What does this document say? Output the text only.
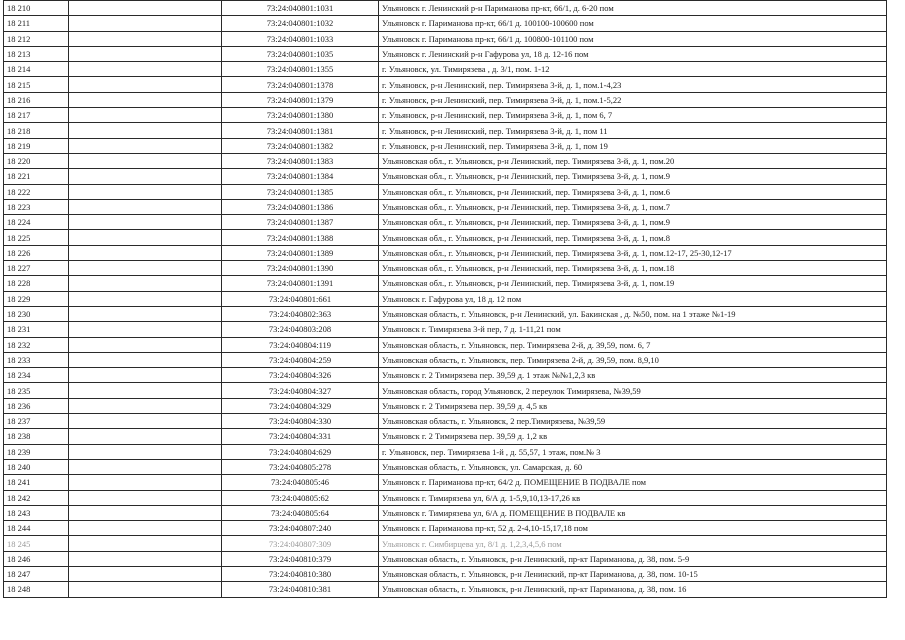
18 210		73:24:040801:1031	Ульяновск г. Ленинский р-н Париманова пр-кт, 66/1, д. 6-20 пом
18 211		73:24:040801:1032	Ульяновск г. Париманова пр-кт, 66/1 д. 100100-100600 пом
18 212		73:24:040801:1033	Ульяновск г. Париманова пр-кт, 66/1 д. 100800-101100 пом
18 213		73:24:040801:1035	Ульяновск г. Ленинский р-н Гафурова ул, 18 д. 12-16 пом
18 214		73:24:040801:1355	г. Ульяновск, ул. Тимирязева , д. 3/1, пом. 1-12
18 215		73:24:040801:1378	г. Ульяновск, р-н Ленинский, пер. Тимирязева 3-й, д. 1, пом.1-4,23
18 216		73:24:040801:1379	г. Ульяновск, р-н Ленинский, пер. Тимирязева 3-й, д. 1, пом.1-5,22
18 217		73:24:040801:1380	г. Ульяновск, р-н Ленинский, пер. Тимирязева 3-й, д. 1, пом 6, 7
18 218		73:24:040801:1381	г. Ульяновск, р-н Ленинский, пер. Тимирязева 3-й, д. 1, пом 11
18 219		73:24:040801:1382	г. Ульяновск, р-н Ленинский, пер. Тимирязева 3-й, д. 1, пом 19
18 220		73:24:040801:1383	Ульяновская обл., г. Ульяновск, р-н Ленинский, пер. Тимирязева 3-й, д. 1, пом.20
18 221		73:24:040801:1384	Ульяновская обл., г. Ульяновск, р-н Ленинский, пер. Тимирязева 3-й, д. 1, пом.9
18 222		73:24:040801:1385	Ульяновская обл., г. Ульяновск, р-н Ленинский, пер. Тимирязева 3-й, д. 1, пом.6
18 223		73:24:040801:1386	Ульяновская обл., г. Ульяновск, р-н Ленинский, пер. Тимирязева 3-й, д. 1, пом.7
18 224		73:24:040801:1387	Ульяновская обл., г. Ульяновск, р-н Ленинский, пер. Тимирязева 3-й, д. 1, пом.9
18 225		73:24:040801:1388	Ульяновская обл., г. Ульяновск, р-н Ленинский, пер. Тимирязева 3-й, д. 1, пом.8
18 226		73:24:040801:1389	Ульяновская обл., г. Ульяновск, р-н Ленинский, пер. Тимирязева 3-й, д. 1, пом.12-17, 25-30,12-17
18 227		73:24:040801:1390	Ульяновская обл., г. Ульяновск, р-н Ленинский, пер. Тимирязева 3-й, д. 1, пом.18
18 228		73:24:040801:1391	Ульяновская обл., г. Ульяновск, р-н Ленинский, пер. Тимирязева 3-й, д. 1, пом.19
18 229		73:24:040801:661	Ульяновск г. Гафурова ул, 18 д. 12 пом
18 230		73:24:040802:363	Ульяновская область, г. Ульяновск, р-н Ленинский, ул. Бакинская , д. №50, пом. на 1 этаже №1-19
18 231		73:24:040803:208	Ульяновск г. Тимирязева 3-й пер, 7 д. 1-11,21 пом
18 232		73:24:040804:119	Ульяновская область, г. Ульяновск, пер. Тимирязева 2-й, д. 39,59, пом. 6, 7
18 233		73:24:040804:259	Ульяновская область, г. Ульяновск, пер. Тимирязева 2-й, д. 39,59, пом. 8,9,10
18 234		73:24:040804:326	Ульяновск г. 2 Тимирязева пер. 39,59 д. 1 этаж №№1,2,3 кв
18 235		73:24:040804:327	Ульяновская область, город Ульяновск, 2 переулок Тимирязева, №39,59
18 236		73:24:040804:329	Ульяновск г. 2 Тимирязева пер. 39,59 д. 4,5 кв
18 237		73:24:040804:330	Ульяновская область, г. Ульяновск, 2 пер.Тимирязева, №39,59
18 238		73:24:040804:331	Ульяновск г. 2 Тимирязева пер. 39,59 д. 1,2 кв
18 239		73:24:040804:629	г. Ульяновск, пер. Тимирязева 1-й , д. 55,57, 1 этаж, пом.№ 3
18 240		73:24:040805:278	Ульяновская область, г. Ульяновск, ул. Самарская, д. 60
18 241		73:24:040805:46	Ульяновск г. Париманова пр-кт, 64/2 д. ПОМЕЩЕНИЕ В ПОДВАЛЕ пом
18 242		73:24:040805:62	Ульяновск г. Тимирязева ул, 6/А д. 1-5,9,10,13-17,26 кв
18 243		73:24:040805:64	Ульяновск г. Тимирязева ул, 6/А д. ПОМЕЩЕНИЕ В ПОДВАЛЕ кв
18 244		73:24:040807:240	Ульяновск г. Париманова пр-кт, 52 д. 2-4,10-15,17,18 пом
18 245		73:24:040807:309	Ульяновск г. Симбирцева ул, 8/1 д. 1,2,3,4,5,6 пом
18 246		73:24:040810:379	Ульяновская область, г. Ульяновск, р-н Ленинский, пр-кт Париманова, д. 38, пом. 5-9
18 247		73:24:040810:380	Ульяновская область, г. Ульяновск, р-н Ленинский, пр-кт Париманова, д. 38, пом. 10-15
18 248		73:24:040810:381	Ульяновская область, г. Ульяновск, р-н Ленинский, пр-кт Париманова, д. 38, пом. 16
